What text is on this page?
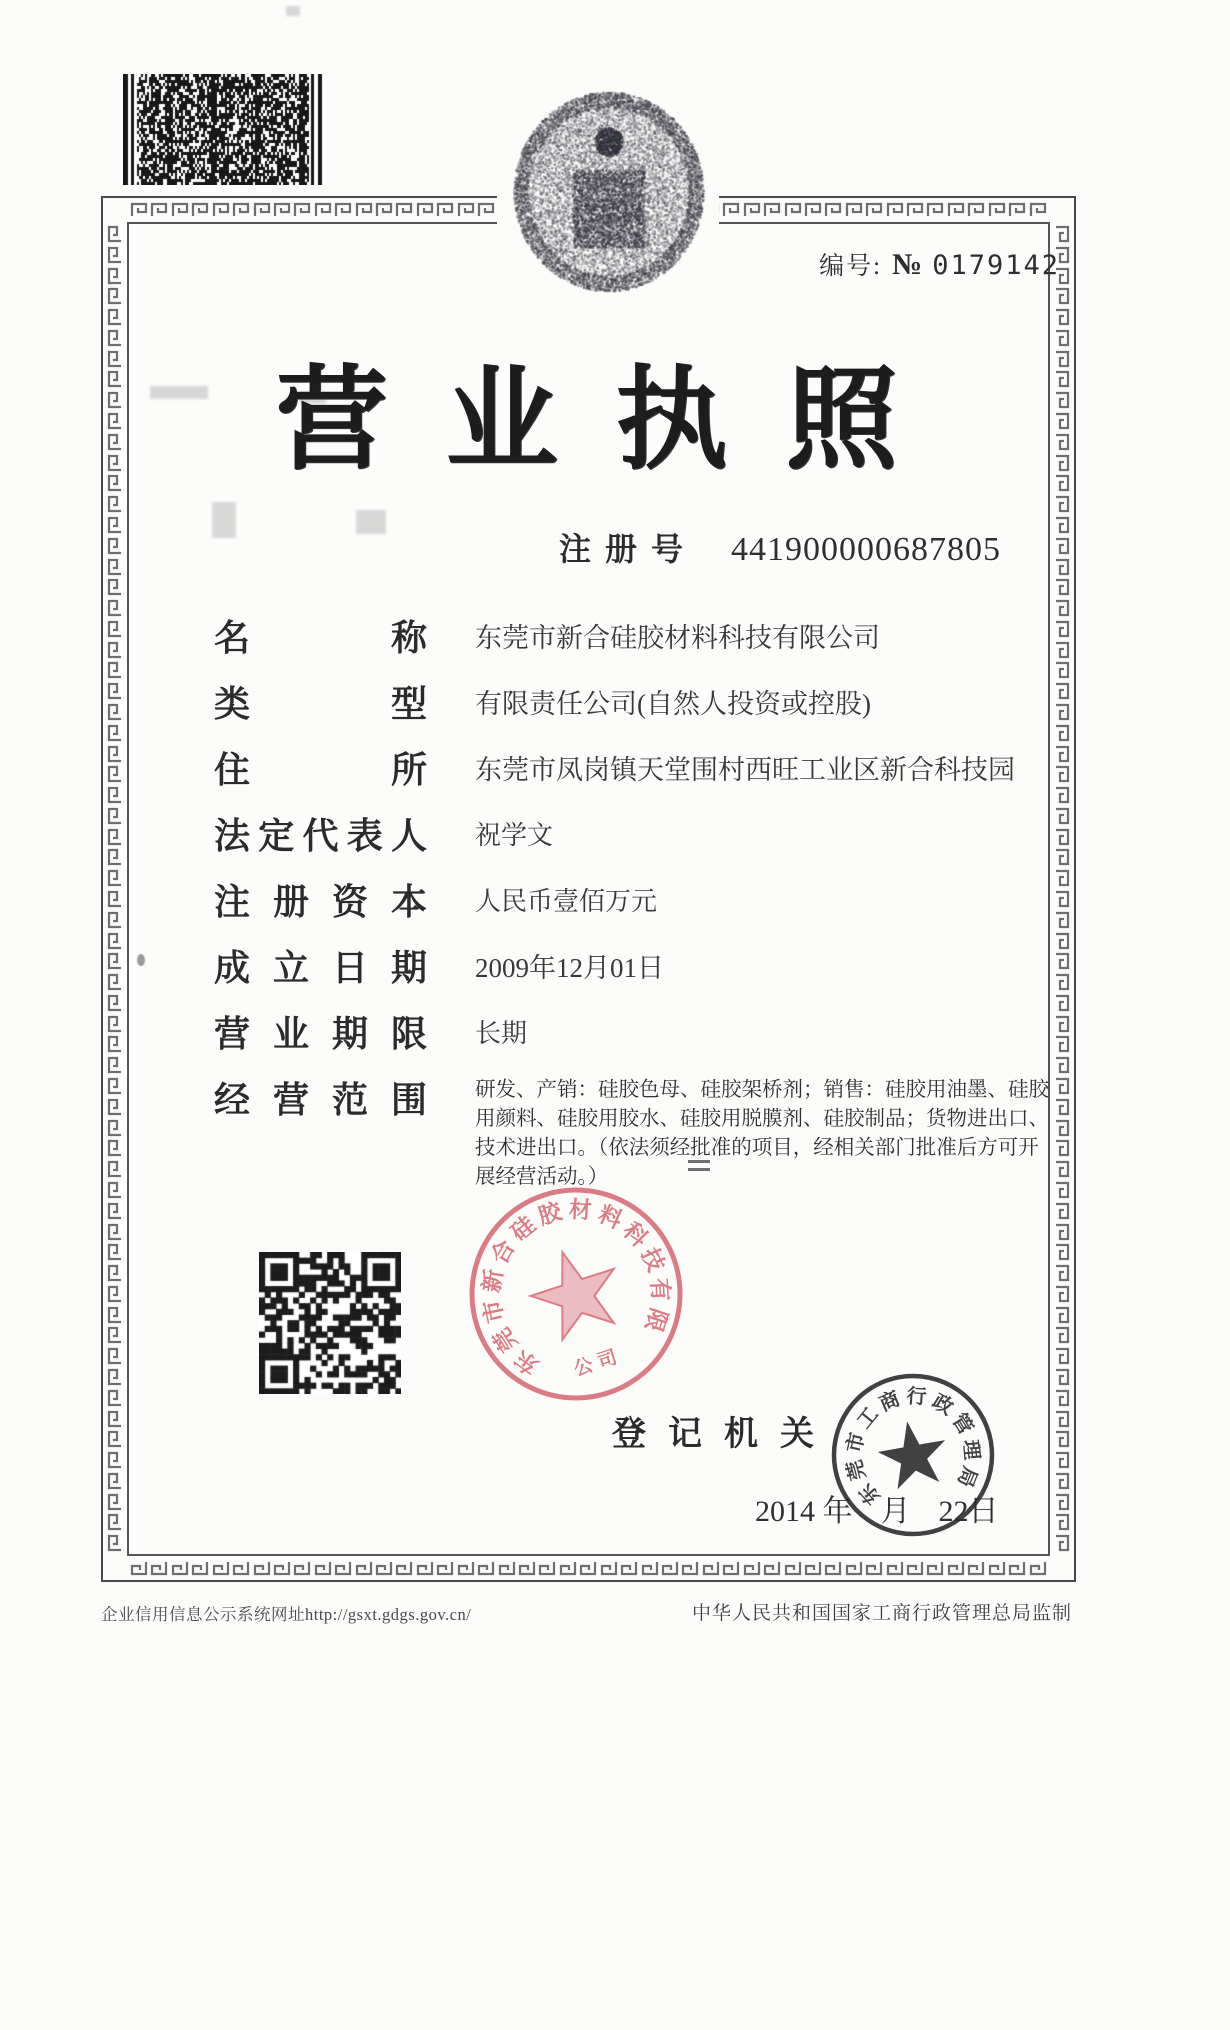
编号: № 0179142
营业执照
注册号 441900000687805
名	称 东莞市新合硅胶材料科技有限公司
类	型 有限责任公司(自然人投资或控股)
住	所 东莞市凤岗镇天堂围村西旺工业区新合科技园
法 定 代 表 人 祝学文
注 册 资 本 人民币壹佰万元
成 立 日 期 2009年12月01日
营 业 期 限 长期
经 营 范 围 研发、产销：硅胶色母、硅胶架桥剂；销售：硅胶用油墨、硅胶用颜料、硅胶用胶水、硅胶用脱膜剂、硅胶制品；货物进出口、技术进出口。（依法须经批准的项目，经相关部门批准后方可开展经营活动。）
东
莞
市
新
合
硅
胶 材 料
科
技
有
限
公司
登记机关
2014 年 月 22日
东
莞
市
工
商 行 政
管
理
局
企业信用信息公示系统网址http://gsxt.gdgs.gov.cn/	中华人民共和国国家工商行政管理总局监制
